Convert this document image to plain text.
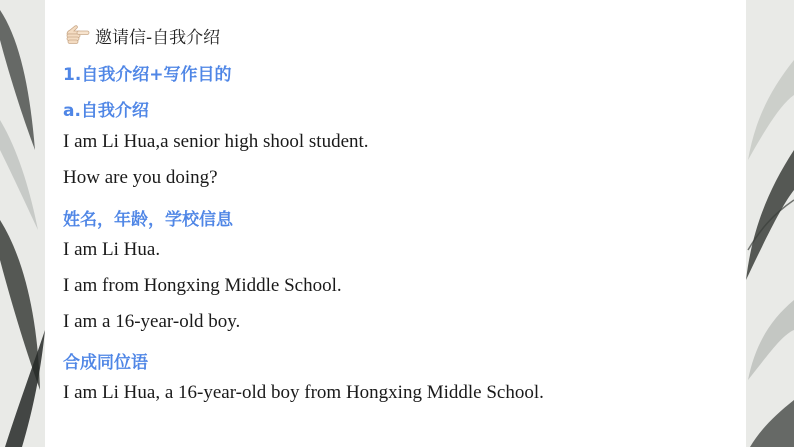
邀请信-自我介绍
1.自我介绍+写作目的
a.自我介绍
I am Li Hua,a senior high shool student.
How are you doing?
姓名，年龄，学校信息
I am Li Hua.
I am from Hongxing Middle School.
I am a 16-year-old boy.
合成同位语
I am Li Hua, a 16-year-old boy from Hongxing Middle School.
